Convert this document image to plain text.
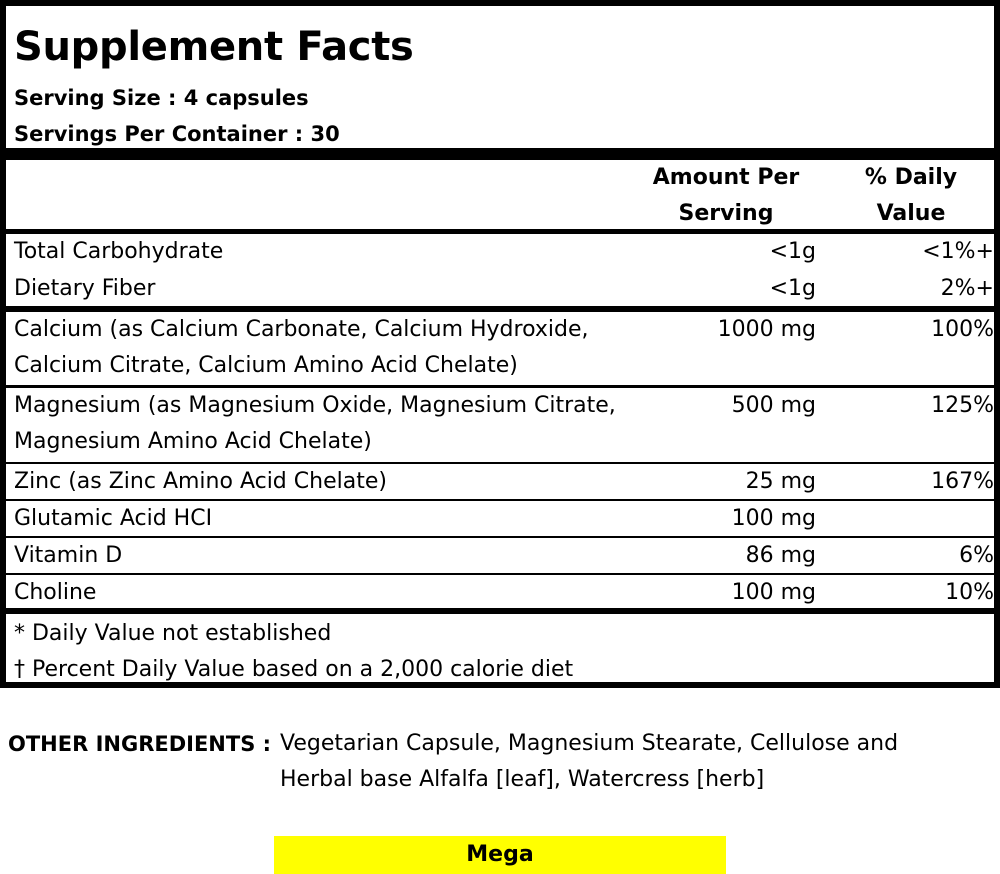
Supplement Facts
Serving Size : 4 capsules
Servings Per Container : 30
Amount Per
Serving
% Daily
Value
Total Carbohydrate	<1g	<1%+
Dietary Fiber	<1g	2%+
Calcium (as Calcium Carbonate, Calcium Hydroxide,
Calcium Citrate, Calcium Amino Acid Chelate)
1000 mg	100%
Magnesium (as Magnesium Oxide, Magnesium Citrate,
Magnesium Amino Acid Chelate)
500 mg	125%
Zinc (as Zinc Amino Acid Chelate)	25 mg	167%
Glutamic Acid HCI	100 mg
Vitamin D	86 mg	6%
Choline	100 mg	10%
* Daily Value not established
† Percent Daily Value based on a 2,000 calorie diet
OTHER INGREDIENTS : Vegetarian Capsule, Magnesium Stearate, Cellulose and
Herbal base Alfalfa [leaf], Watercress [herb]
Mega
